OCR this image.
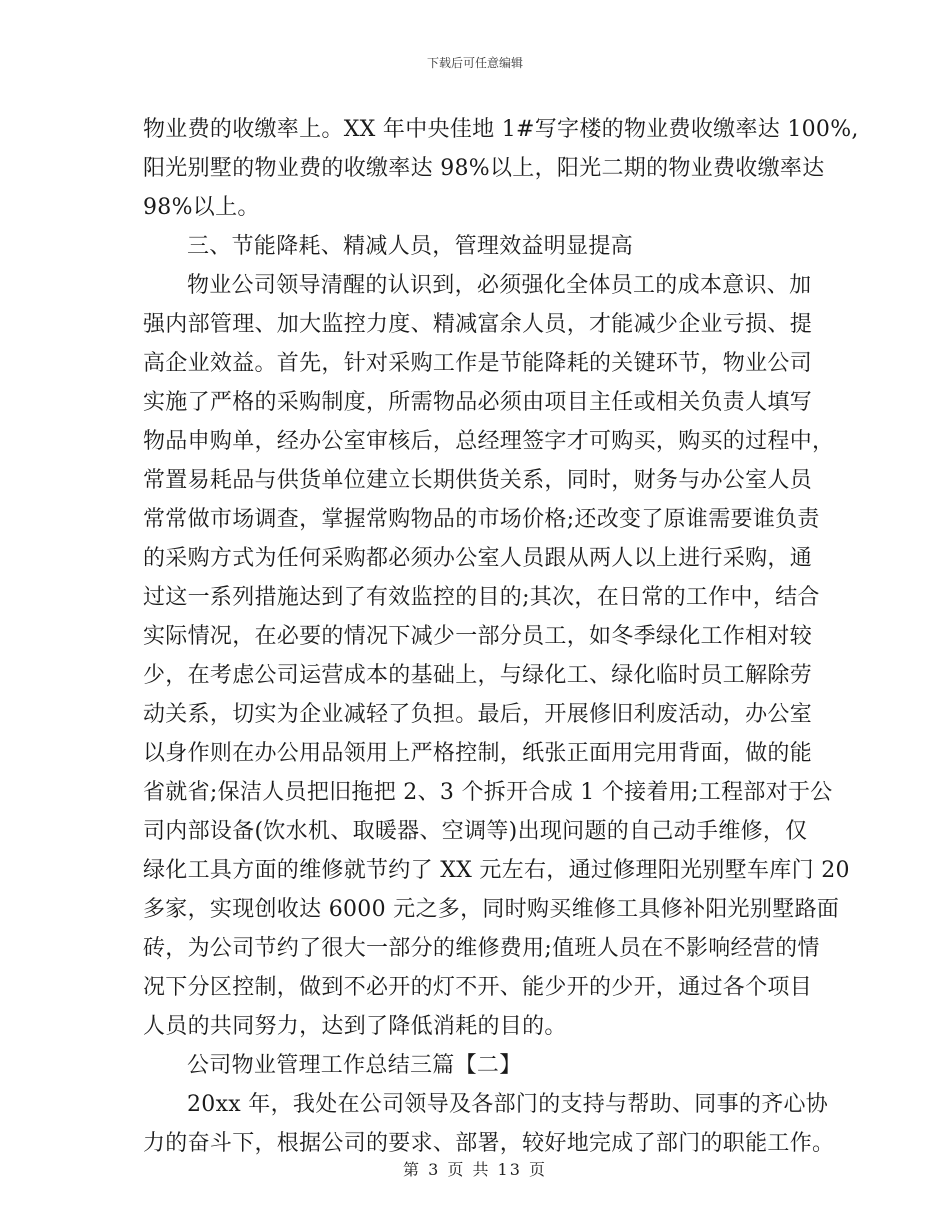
下载后可任意编辑
物业费的收缴率上。XX 年中央佳地 1#写字楼的物业费收缴率达 100%,
阳光别墅的物业费的收缴率达 98%以上，阳光二期的物业费收缴率达
98%以上。
三、节能降耗、精减人员，管理效益明显提高
物业公司领导清醒的认识到，必须强化全体员工的成本意识、加
强内部管理、加大监控力度、精减富余人员，才能减少企业亏损、提
高企业效益。首先，针对采购工作是节能降耗的关键环节，物业公司
实施了严格的采购制度，所需物品必须由项目主任或相关负责人填写
物品申购单，经办公室审核后，总经理签字才可购买，购买的过程中，
常置易耗品与供货单位建立长期供货关系，同时，财务与办公室人员
常常做市场调查，掌握常购物品的市场价格;还改变了原谁需要谁负责
的采购方式为任何采购都必须办公室人员跟从两人以上进行采购，通
过这一系列措施达到了有效监控的目的;其次，在日常的工作中，结合
实际情况，在必要的情况下减少一部分员工，如冬季绿化工作相对较
少，在考虑公司运营成本的基础上，与绿化工、绿化临时员工解除劳
动关系，切实为企业减轻了负担。最后，开展修旧利废活动，办公室
以身作则在办公用品领用上严格控制，纸张正面用完用背面，做的能
省就省;保洁人员把旧拖把 2、3 个拆开合成 1 个接着用;工程部对于公
司内部设备(饮水机、取暖器、空调等)出现问题的自己动手维修，仅
绿化工具方面的维修就节约了 XX 元左右，通过修理阳光别墅车库门 20
多家，实现创收达 6000 元之多，同时购买维修工具修补阳光别墅路面
砖，为公司节约了很大一部分的维修费用;值班人员在不影响经营的情
况下分区控制，做到不必开的灯不开、能少开的少开，通过各个项目
人员的共同努力，达到了降低消耗的目的。
公司物业管理工作总结三篇【二】
20xx 年，我处在公司领导及各部门的支持与帮助、同事的齐心协
力的奋斗下，根据公司的要求、部署，较好地完成了部门的职能工作。
第 3 页 共 13 页
